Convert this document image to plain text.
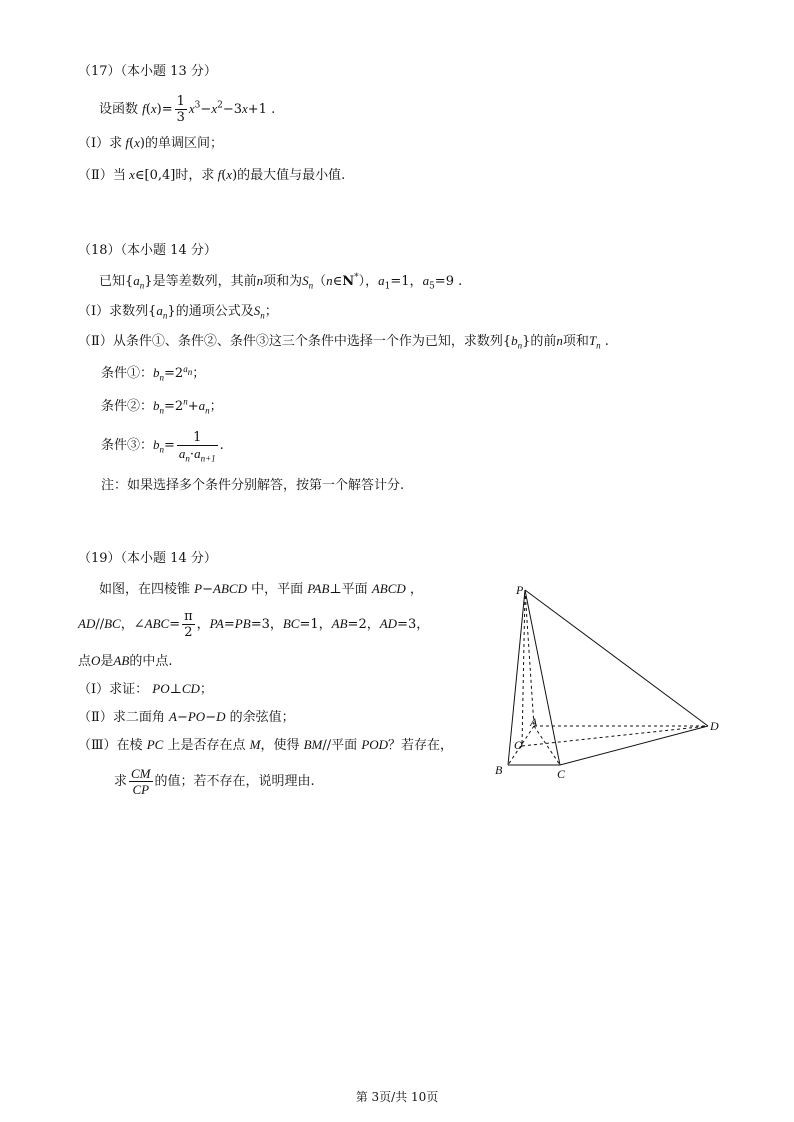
（17）（本小题 13 分）
设函数 $f(x)= \frac{1}{3} x^3-x^2-3x+1$ .
（Ⅰ）求 f(x)的单调区间；
（Ⅱ）当 x∈[0,4]时，求 f(x)的最大值与最小值.
（18）（本小题 14 分）
已知$\{a_n\}$是等差数列，其前n项和为$S_n(n\in N^*)$，$a_1=1$，$a_5=9$ .
（Ⅰ）求数列$\{a_n\}$的通项公式及$S_n$；
（Ⅱ）从条件①、条件②、条件③这三个条件中选择一个作为已知，求数列$\{b_n\}$的前n项和$T_n$ .
条件①：$b_n=2^{a_n}$；
条件②：$b_n=2^n+a_n$；
条件③：$b_n= \frac{1}{a_n\cdot a_{n+1}}$ .
注：如果选择多个条件分别解答，按第一个解答计分.
（19）（本小题 14 分）
如图，在四棱锥 P−ABCD 中，平面 PAB⊥平面 ABCD ，
AD//BC，∠ABC= $\frac{\pi}{2}$ ，PA=PB=3，BC=1，AB=2，AD=3，
点O是AB的中点.
（Ⅰ）求证： PO⊥CD；
（Ⅱ）求二面角 A−PO−D 的余弦值；
（Ⅲ）在棱 PC 上是否存在点 M，使得 BM//平面 POD？若存在，
求 $\frac{CM}{CP}$ 的值；若不存在，说明理由.
P
A	D
O
B	C
第 3页/共 10页
